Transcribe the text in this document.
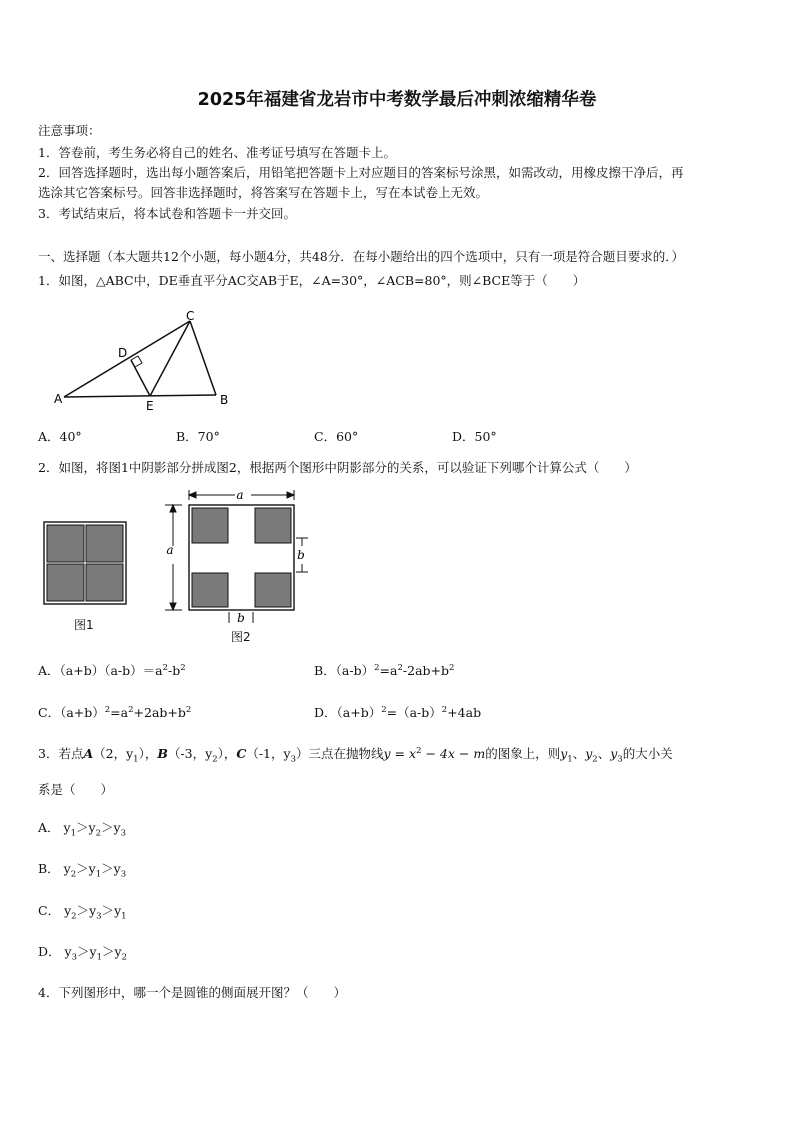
2025年福建省龙岩市中考数学最后冲刺浓缩精华卷
注意事项：
1．答卷前，考生务必将自己的姓名、准考证号填写在答题卡上。
2．回答选择题时，选出每小题答案后，用铅笔把答题卡上对应题目的答案标号涂黑，如需改动，用橡皮擦干净后，再
选涂其它答案标号。回答非选择题时，将答案写在答题卡上，写在本试卷上无效。
3．考试结束后，将本试卷和答题卡一并交回。
一、选择题（本大题共12个小题，每小题4分，共48分．在每小题给出的四个选项中，只有一项是符合题目要求的．）
1．如图，△ABC中，DE垂直平分AC交AB于E，∠A=30°，∠ACB=80°，则∠BCE等于（　　）
A	B
C
D
E
A．40°	B．70°	C．60°	D．50°
2．如图，将图1中阴影部分拼成图2，根据两个图形中阴影部分的关系，可以验证下列哪个计算公式（　　）
图1
a
a	b
b
图2
A．$(a+b)(a-b)=a^2-b^2$	B．$(a-b)^2=a^2-2ab+b^2$
C．$(a+b)^2=a^2+2ab+b^2$	D．$(a+b)^2=(a-b)^2+4ab$
3．若点A（2，$y_1$），B（-3，$y_2$），C（-1，$y_3$）三点在抛物线$y = x^2 - 4x - m$的图象上，则$y_1$、$y_2$、$y_3$的大小关
系是（　　）
A． $y_1>y_2>y_3$
B． $y_2>y_1>y_3$
C． $y_2>y_3>y_1$
D． $y_3>y_1>y_2$
4．下列图形中，哪一个是圆锥的侧面展开图？（　　）
